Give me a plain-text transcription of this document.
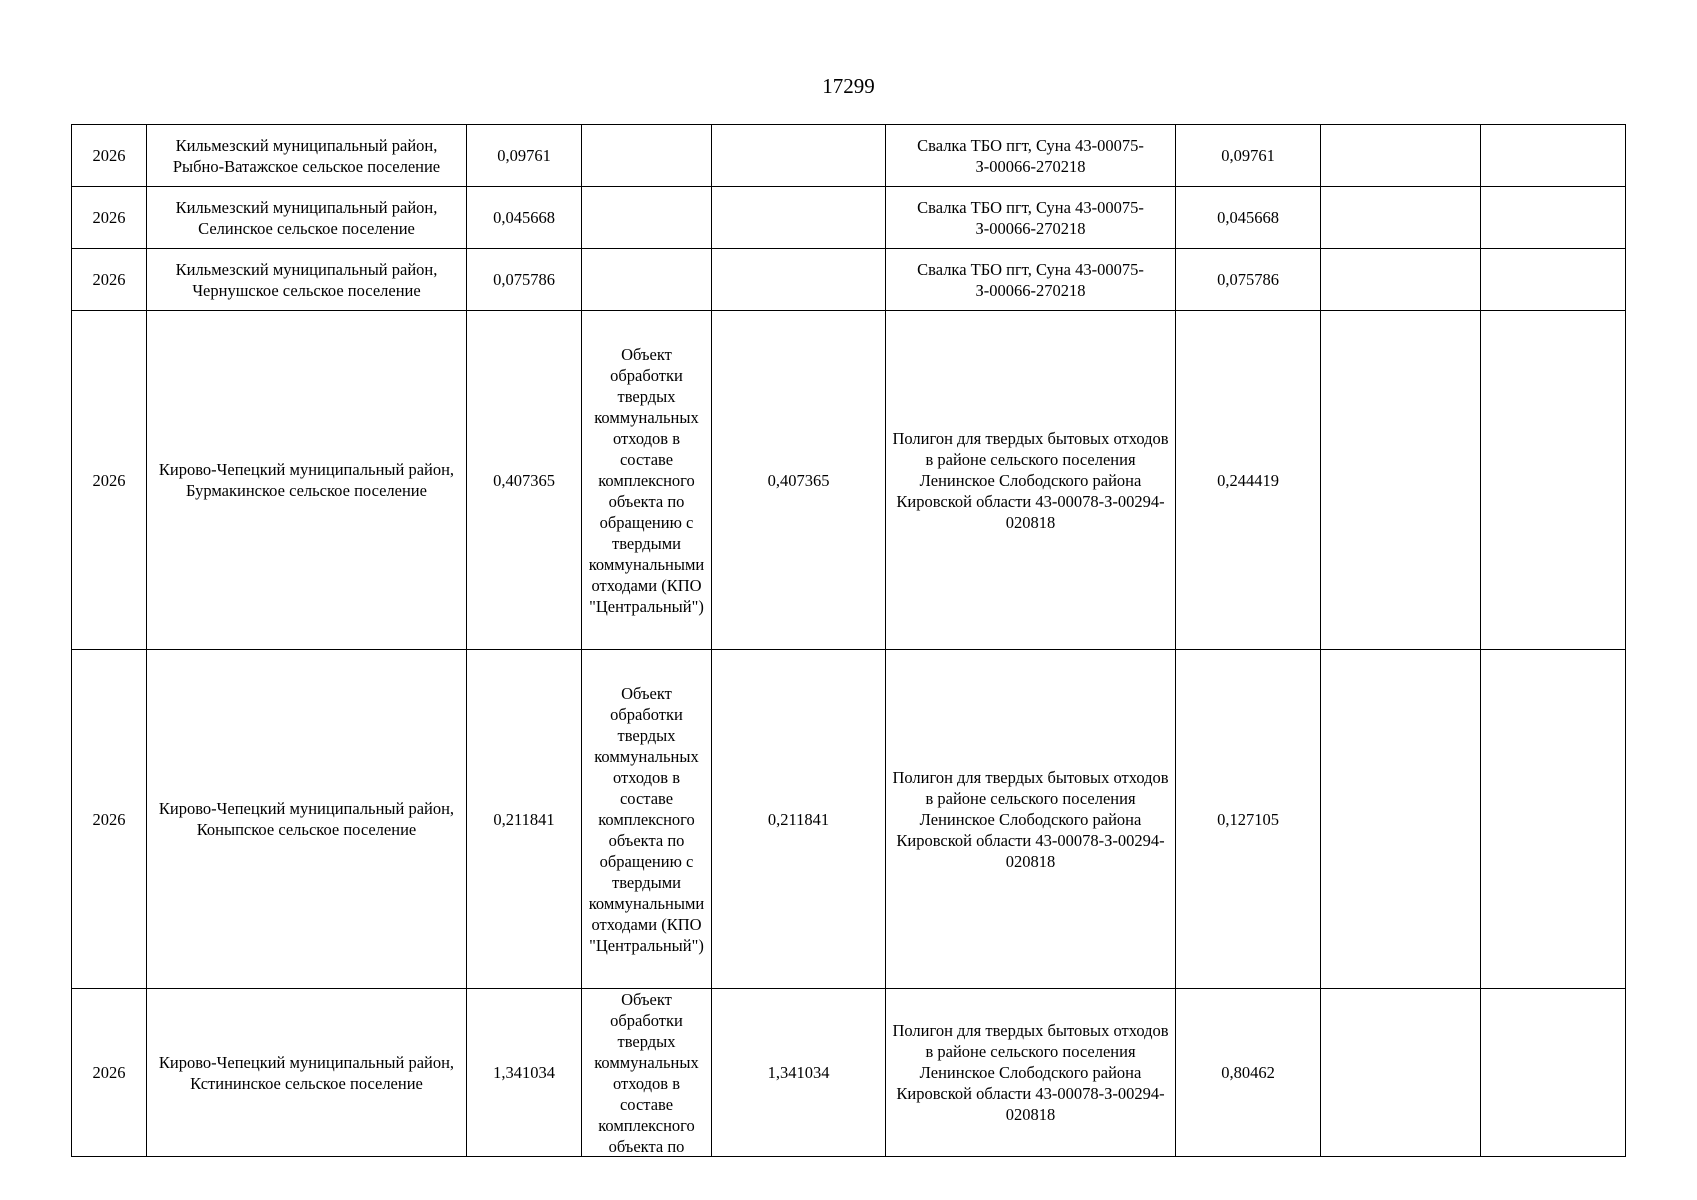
17299
2026	Кильмезский муниципальный район, Рыбно-Ватажское сельское поселение	0,09761			Свалка ТБО пгт, Суна 43-00075-З-00066-270218	0,09761		
2026	Кильмезский муниципальный район, Селинское сельское поселение	0,045668			Свалка ТБО пгт, Суна 43-00075-З-00066-270218	0,045668		
2026	Кильмезский муниципальный район, Чернушское сельское поселение	0,075786			Свалка ТБО пгт, Суна 43-00075-З-00066-270218	0,075786		
2026	Кирово-Чепецкий муниципальный район, Бурмакинское сельское поселение	0,407365	Объект обработки твердых коммунальных отходов в составе комплексного объекта по обращению с твердыми коммунальными отходами (КПО "Центральный")	0,407365	Полигон для твердых бытовых отходов в районе сельского поселения Ленинское Слободского района Кировской области 43-00078-З-00294-020818	0,244419		
2026	Кирово-Чепецкий муниципальный район, Коныпское сельское поселение	0,211841	Объект обработки твердых коммунальных отходов в составе комплексного объекта по обращению с твердыми коммунальными отходами (КПО "Центральный")	0,211841	Полигон для твердых бытовых отходов в районе сельского поселения Ленинское Слободского района Кировской области 43-00078-З-00294-020818	0,127105		
2026	Кирово-Чепецкий муниципальный район, Кстининское сельское поселение	1,341034	Объект обработки твердых коммунальных отходов в составе комплексного объекта по	1,341034	Полигон для твердых бытовых отходов в районе сельского поселения Ленинское Слободского района Кировской области 43-00078-З-00294-020818	0,80462		
